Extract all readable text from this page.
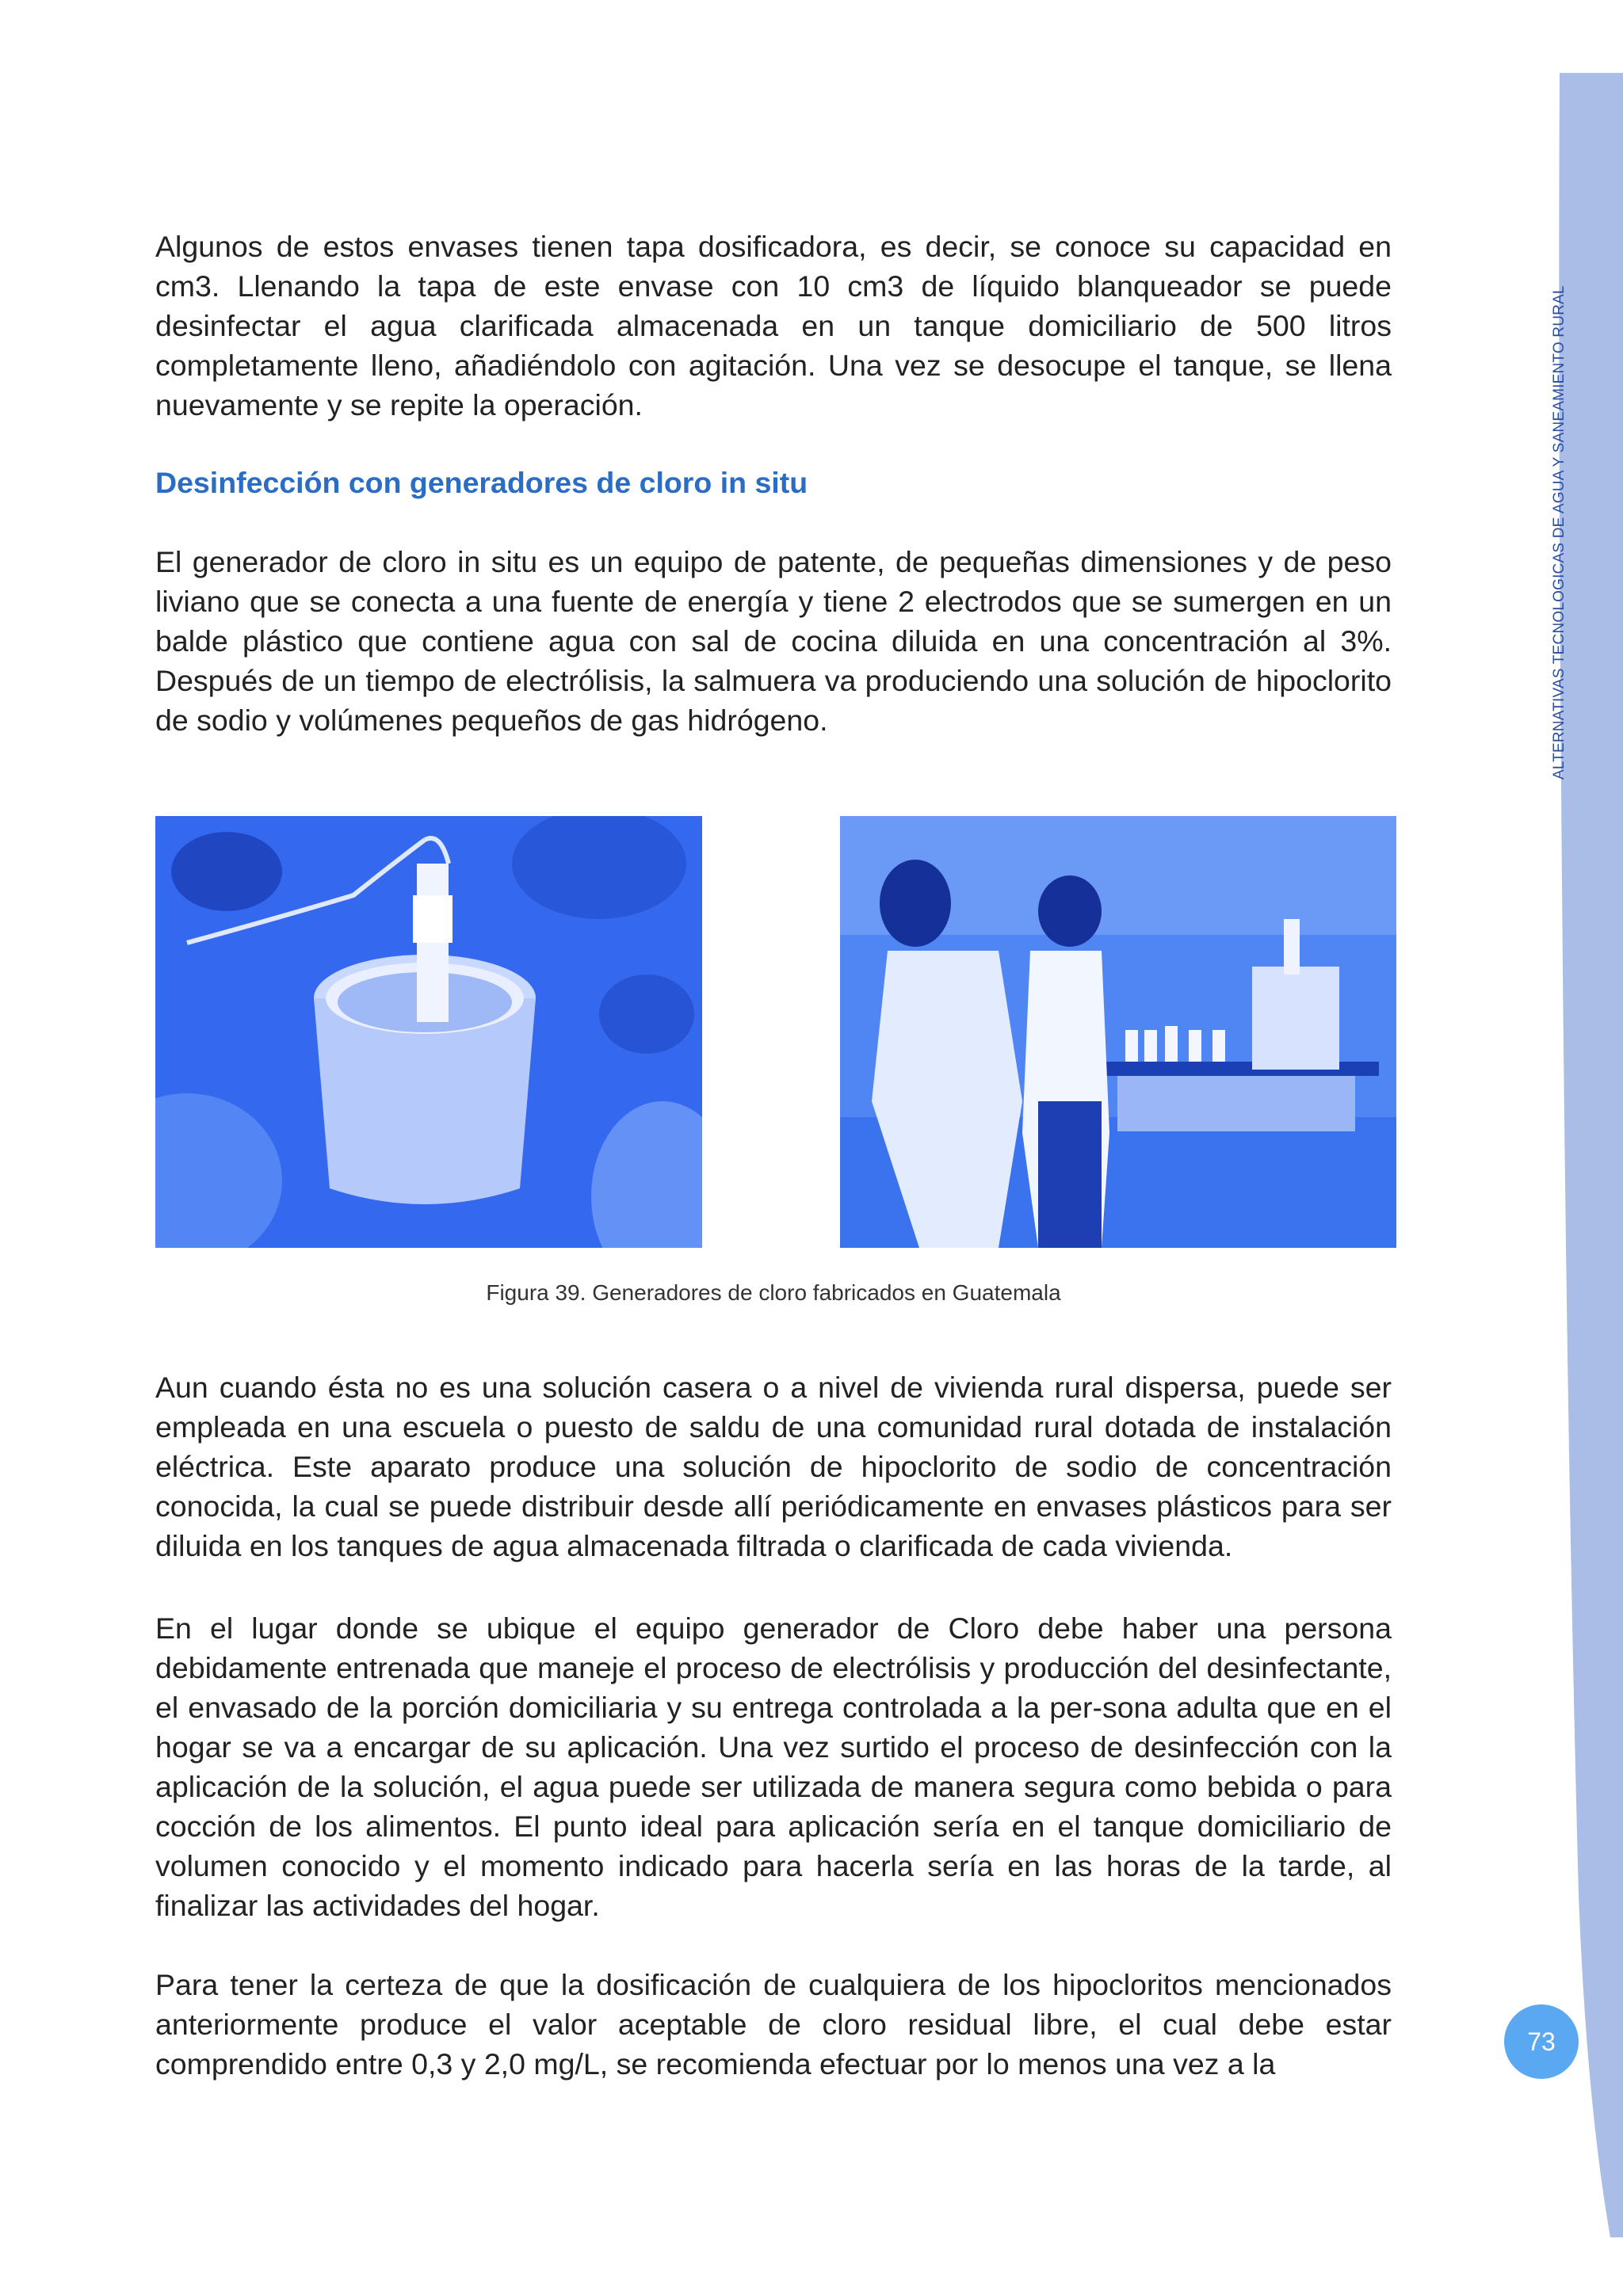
ALTERNATIVAS TECNOLOGICAS DE AGUA Y SANEAMIENTO RURAL
Algunos de estos envases tienen tapa dosificadora, es decir, se conoce su capacidad en cm3. Llenando la tapa de este envase con 10 cm3 de líquido blanqueador se puede desinfectar el agua clarificada almacenada en un tanque domiciliario de 500 litros completamente lleno, añadiéndolo con agitación. Una vez se desocupe el tanque, se llena nuevamente y se repite la operación.
Desinfección con generadores de cloro in situ
El generador de cloro in situ es un equipo de patente, de pequeñas dimensiones y de peso liviano que se conecta a una fuente de energía y tiene 2 electrodos que se sumergen en un balde plástico que contiene agua con sal de cocina diluida en una concentración al 3%. Después de un tiempo de electrólisis, la salmuera va produciendo una solución de hipoclorito de sodio y volúmenes pequeños de gas hidrógeno.
Figura 39. Generadores de cloro fabricados en Guatemala
Aun cuando ésta no es una solución casera o a nivel de vivienda rural dispersa, puede ser empleada en una escuela o puesto de saldu de una comunidad rural dotada de instalación eléctrica. Este aparato produce una solución de hipoclorito de sodio de concentración conocida, la cual se puede distribuir desde allí periódicamente en envases plásticos para ser diluida en los tanques de agua almacenada filtrada o clarificada de cada vivienda.
En el lugar donde se ubique el equipo generador de Cloro debe haber una persona debidamente entrenada que maneje el proceso de electrólisis y producción del desinfectante, el envasado de la porción domiciliaria y su entrega controlada a la per-sona adulta que en el hogar se va a encargar de su aplicación. Una vez surtido el proceso de desinfección con la aplicación de la solución, el agua puede ser utilizada de manera segura como bebida o para cocción de los alimentos. El punto ideal para aplicación sería en el tanque domiciliario de volumen conocido y el momento indicado para hacerla sería en las horas de la tarde, al finalizar las actividades del hogar.
Para tener la certeza de que la dosificación de cualquiera de los hipocloritos mencionados anteriormente produce el valor aceptable de cloro residual libre, el cual debe estar comprendido entre 0,3 y 2,0 mg/L, se recomienda efectuar por lo menos una vez a la
73
